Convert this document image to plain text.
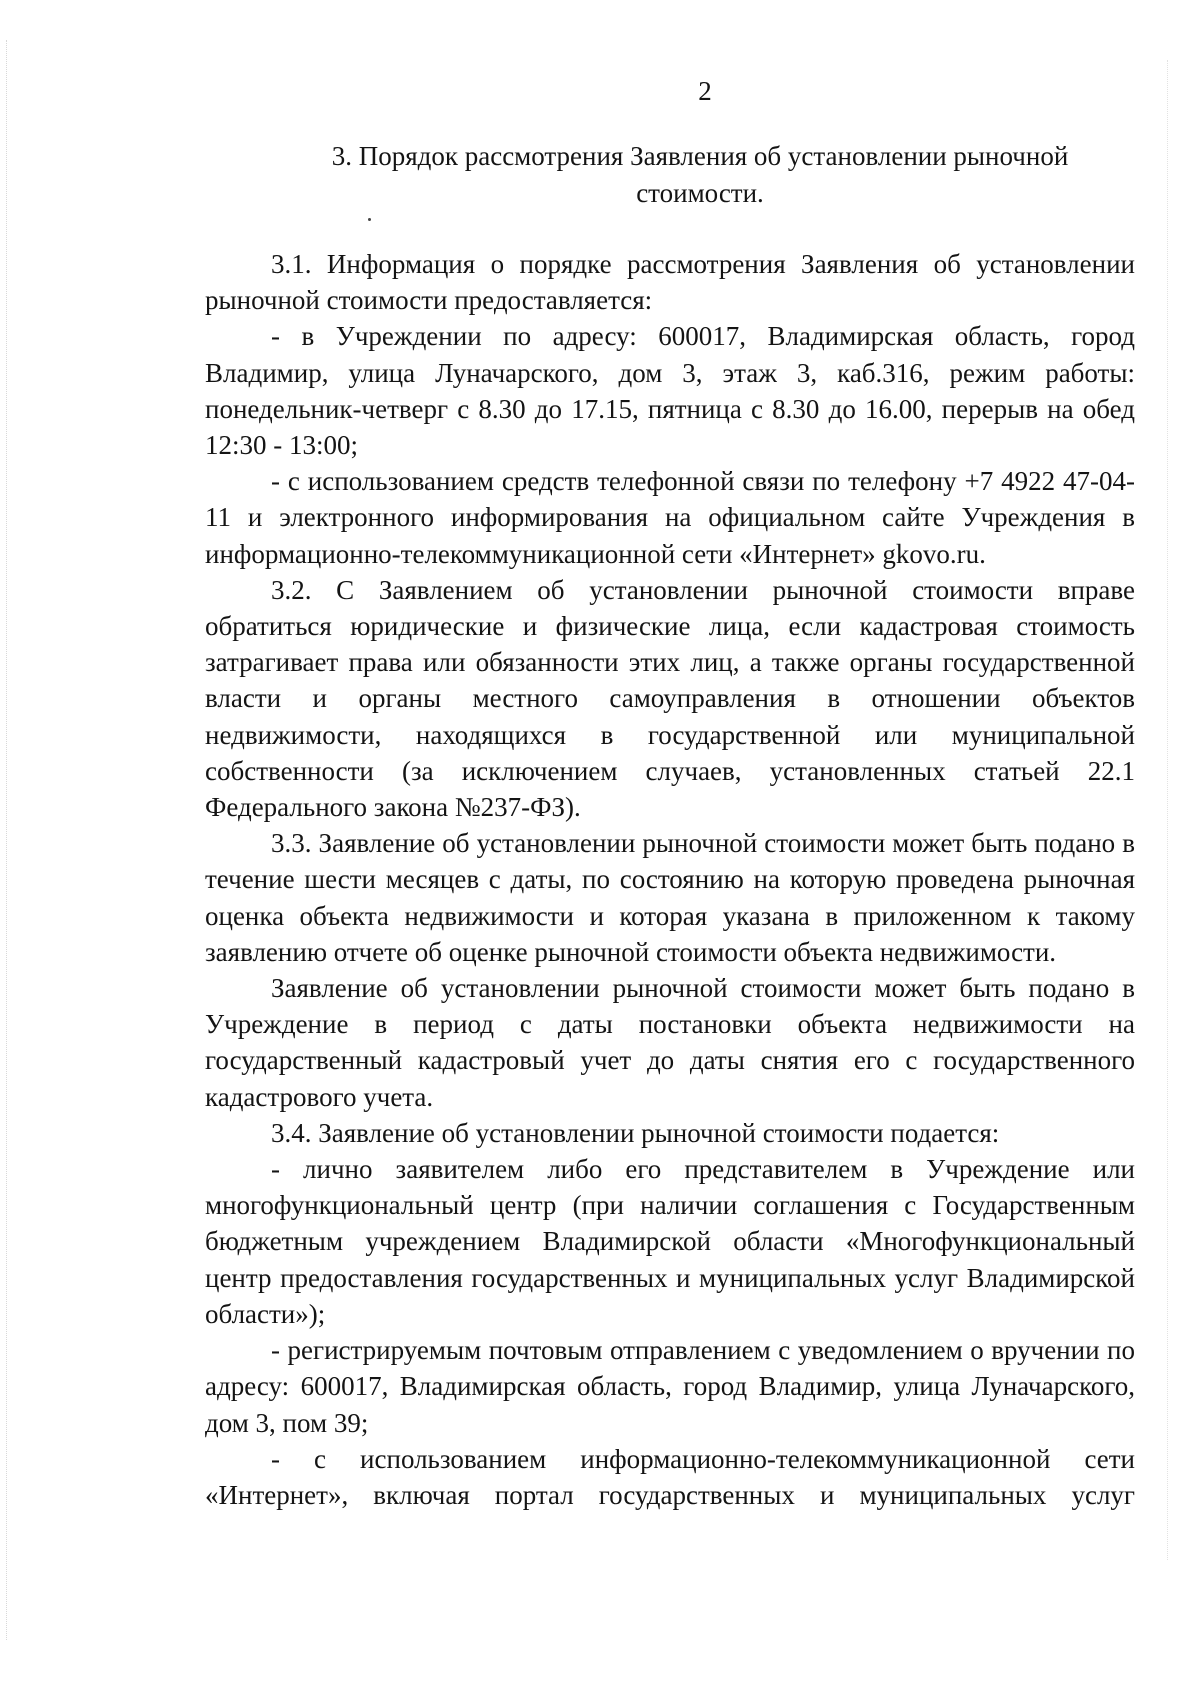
2
3. Порядок рассмотрения Заявления об установлении рыночной стоимости.

3.1. Информация о порядке рассмотрения Заявления об установлении рыночной стоимости предоставляется:

- в Учреждении по адресу: 600017, Владимирская область, город Владимир, улица Луначарского, дом 3, этаж 3, каб.316, режим работы: понедельник-четверг с 8.30 до 17.15, пятница с 8.30 до 16.00, перерыв на обед 12:30 - 13:00;

- с использованием средств телефонной связи по телефону +7 4922 47-04-11 и электронного информирования на официальном сайте Учреждения в информационно-телекоммуникационной сети «Интернет» gkovo.ru.

3.2. С Заявлением об установлении рыночной стоимости вправе обратиться юридические и физические лица, если кадастровая стоимость затрагивает права или обязанности этих лиц, а также органы государственной власти и органы местного самоуправления в отношении объектов недвижимости, находящихся в государственной или муниципальной собственности (за исключением случаев, установленных статьей 22.1 Федерального закона №237-ФЗ).

3.3. Заявление об установлении рыночной стоимости может быть подано в течение шести месяцев с даты, по состоянию на которую проведена рыночная оценка объекта недвижимости и которая указана в приложенном к такому заявлению отчете об оценке рыночной стоимости объекта недвижимости.

Заявление об установлении рыночной стоимости может быть подано в Учреждение в период с даты постановки объекта недвижимости на государственный кадастровый учет до даты снятия его с государственного кадастрового учета.

3.4. Заявление об установлении рыночной стоимости подается:

- лично заявителем либо его представителем в Учреждение или многофункциональный центр (при наличии соглашения с Государственным бюджетным учреждением Владимирской области «Многофункциональный центр предоставления государственных и муниципальных услуг Владимирской области»);

- регистрируемым почтовым отправлением с уведомлением о вручении по адресу: 600017, Владимирская область, город Владимир, улица Луначарского, дом 3, пом 39;

- с использованием информационно-телекоммуникационной сети «Интернет», включая портал государственных и муниципальных услуг
